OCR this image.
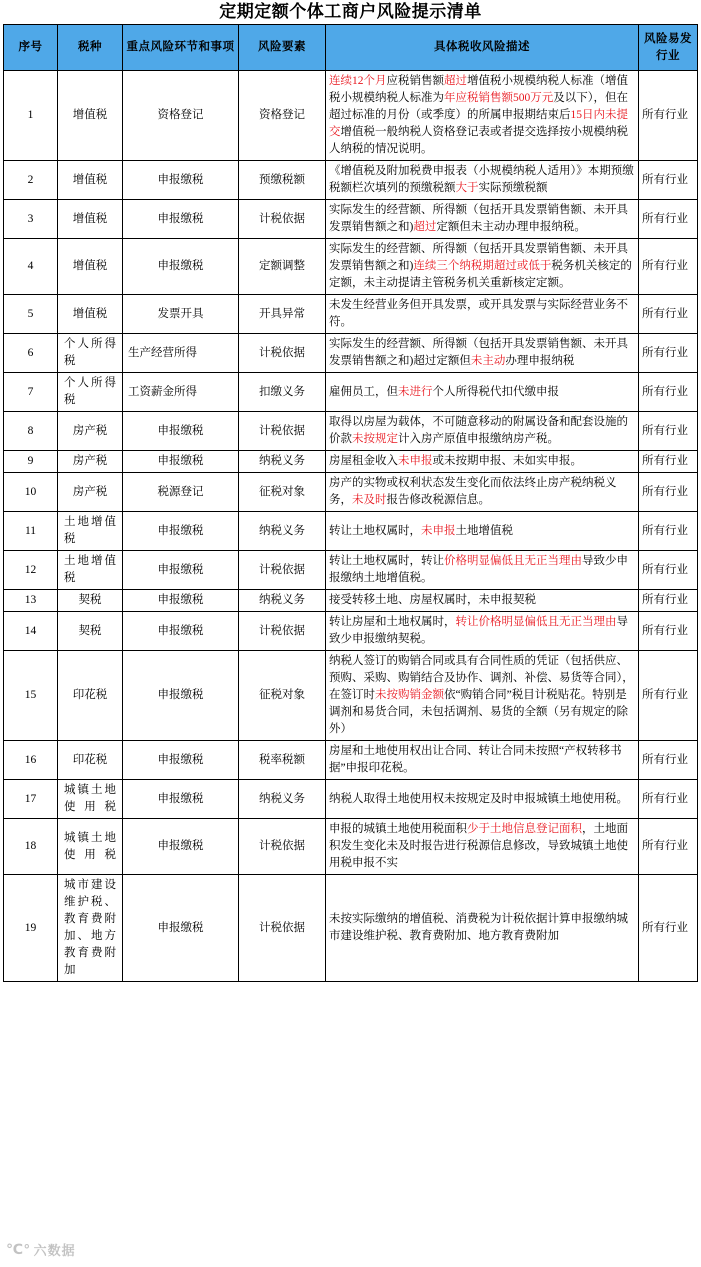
定期定额个体工商户风险提示清单
序号	税种	重点风险环节和事项	风险要素	具体税收风险描述	风险易发行业
1	增值税	资格登记	资格登记	连续12个月应税销售额超过增值税小规模纳税人标准（增值税小规模纳税人标准为年应税销售额500万元及以下），但在超过标准的月份（或季度）的所属申报期结束后15日内未提交增值税一般纳税人资格登记表或者提交选择按小规模纳税人纳税的情况说明。	所有行业
2	增值税	申报缴税	预缴税额	《增值税及附加税费申报表（小规模纳税人适用）》本期预缴税额栏次填列的预缴税额大于实际预缴税额	所有行业
3	增值税	申报缴税	计税依据	实际发生的经营额、所得额（包括开具发票销售额、未开具发票销售额之和)超过定额但未主动办理申报纳税。	所有行业
4	增值税	申报缴税	定额调整	实际发生的经营额、所得额（包括开具发票销售额、未开具发票销售额之和)连续三个纳税期超过或低于税务机关核定的定额，未主动提请主管税务机关重新核定定额。	所有行业
5	增值税	发票开具	开具异常	未发生经营业务但开具发票，或开具发票与实际经营业务不符。	所有行业
6	个人所得税	生产经营所得	计税依据	实际发生的经营额、所得额（包括开具发票销售额、未开具发票销售额之和)超过定额但未主动办理申报纳税	所有行业
7	个人所得税	工资薪金所得	扣缴义务	雇佣员工，但未进行个人所得税代扣代缴申报	所有行业
8	房产税	申报缴税	计税依据	取得以房屋为载体，不可随意移动的附属设备和配套设施的价款未按规定计入房产原值申报缴纳房产税。	所有行业
9	房产税	申报缴税	纳税义务	房屋租金收入未申报或未按期申报、未如实申报。	所有行业
10	房产税	税源登记	征税对象	房产的实物或权利状态发生变化而依法终止房产税纳税义务，未及时报告修改税源信息。	所有行业
11	土地增值税	申报缴税	纳税义务	转让土地权属时，未申报土地增值税	所有行业
12	土地增值税	申报缴税	计税依据	转让土地权属时，转让价格明显偏低且无正当理由导致少申报缴纳土地增值税。	所有行业
13	契税	申报缴税	纳税义务	接受转移土地、房屋权属时，未申报契税	所有行业
14	契税	申报缴税	计税依据	转让房屋和土地权属时，转让价格明显偏低且无正当理由导致少申报缴纳契税。	所有行业
15	印花税	申报缴税	征税对象	纳税人签订的购销合同或具有合同性质的凭证（包括供应、预购、采购、购销结合及协作、调剂、补偿、易货等合同），在签订时未按购销金额依“购销合同”税目计税贴花。特别是调剂和易货合同，未包括调剂、易货的全额（另有规定的除外）	所有行业
16	印花税	申报缴税	税率税额	房屋和土地使用权出让合同、转让合同未按照“产权转移书据”申报印花税。	所有行业
17	城镇土地使用税	申报缴税	纳税义务	纳税人取得土地使用权未按规定及时申报城镇土地使用税。	所有行业
18	城镇土地使用税	申报缴税	计税依据	申报的城镇土地使用税面积少于土地信息登记面积，土地面积发生变化未及时报告进行税源信息修改，导致城镇土地使用税申报不实	所有行业
19	城市建设维护税、教育费附加、地方教育费附加	申报缴税	计税依据	未按实际缴纳的增值税、消费税为计税依据计算申报缴纳城市建设维护税、教育费附加、地方教育费附加	所有行业
℃° 六数据
